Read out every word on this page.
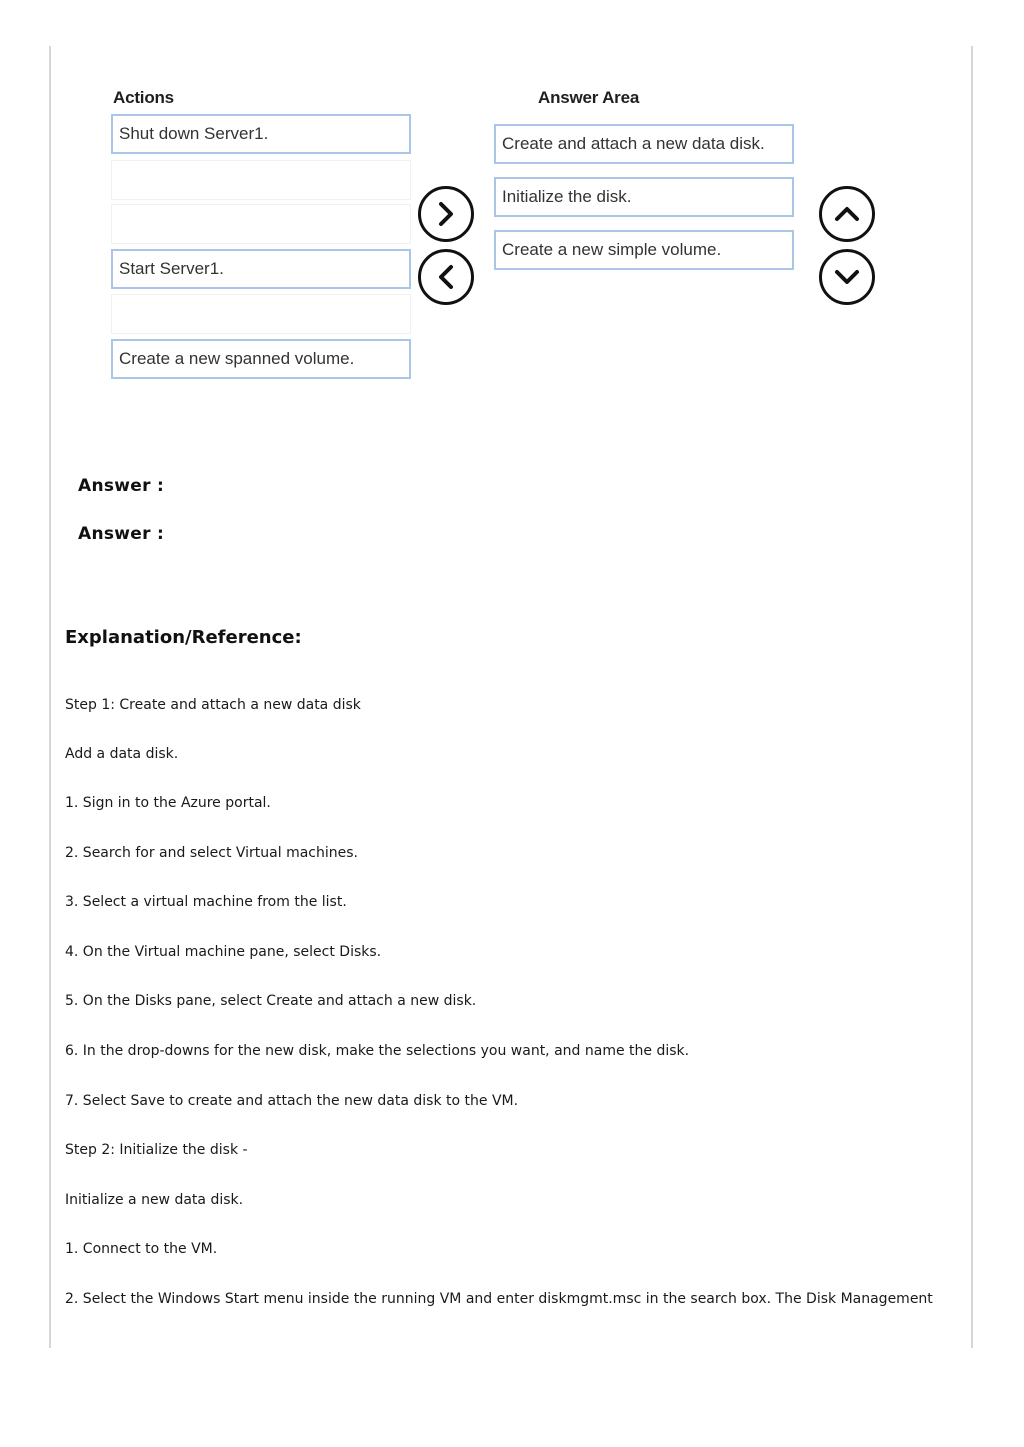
Actions	Answer Area
Shut down Server1.
Start Server1.
Create a new spanned volume.
Create and attach a new data disk.
Initialize the disk.
Create a new simple volume.
Answer :
Answer :
Explanation/Reference:
Step 1: Create and attach a new data disk
Add a data disk.
1. Sign in to the Azure portal.
2. Search for and select Virtual machines.
3. Select a virtual machine from the list.
4. On the Virtual machine pane, select Disks.
5. On the Disks pane, select Create and attach a new disk.
6. In the drop-downs for the new disk, make the selections you want, and name the disk.
7. Select Save to create and attach the new data disk to the VM.
Step 2: Initialize the disk -
Initialize a new data disk.
1. Connect to the VM.
2. Select the Windows Start menu inside the running VM and enter diskmgmt.msc in the search box. The Disk Management
